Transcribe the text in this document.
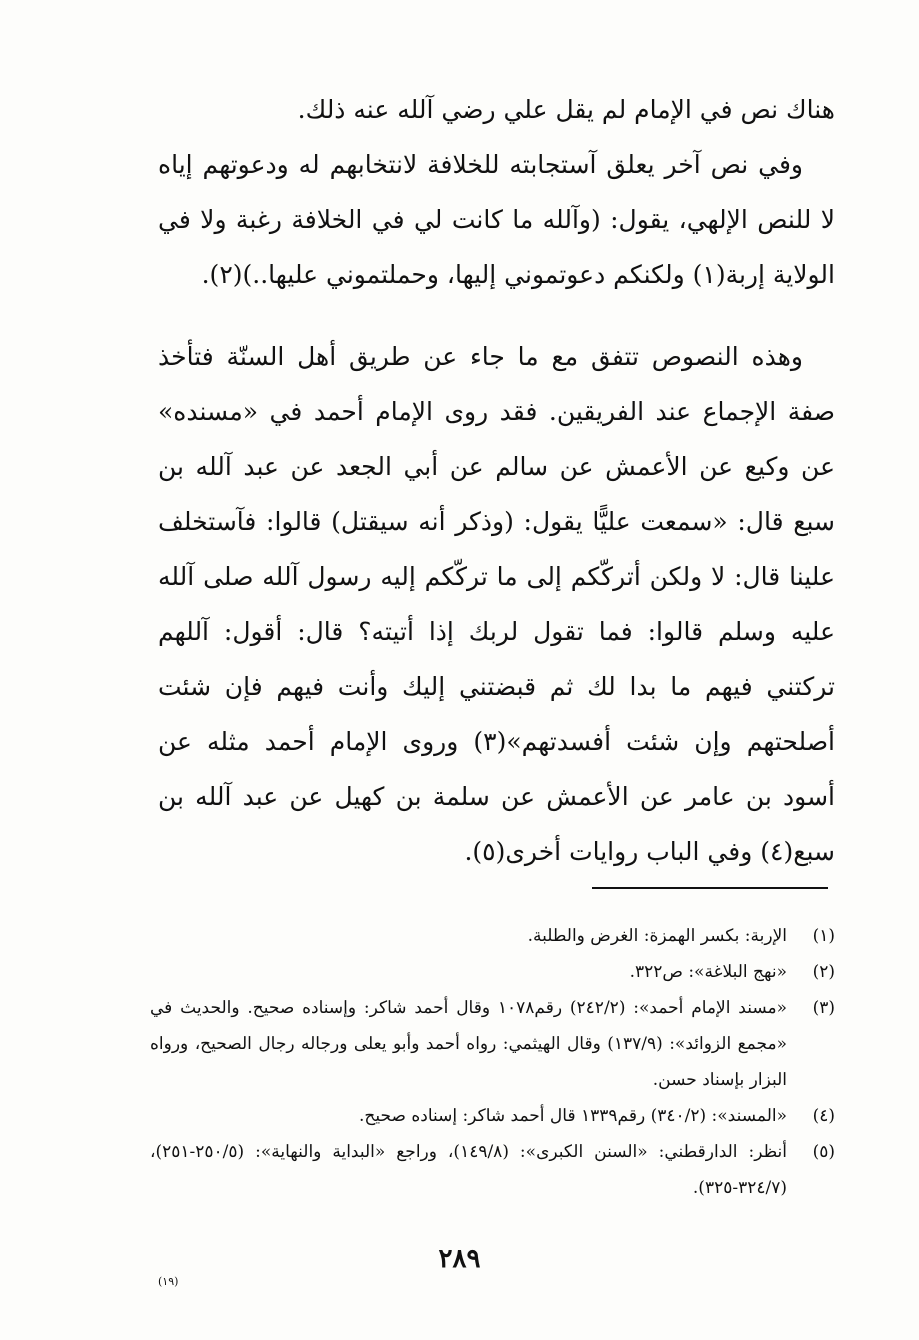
هناك نص في الإمام لم يقل علي رضي آلله عنه ذلك.

وفي نص آخر يعلق آستجابته للخلافة لانتخابهم له ودعوتهم إياه لا للنص الإلهي، يقول: (وآلله ما كانت لي في الخلافة رغبة ولا في الولاية إربة(١) ولكنكم دعوتموني إليها، وحملتموني عليها..)(٢).

وهذه النصوص تتفق مع ما جاء عن طريق أهل السنّة فتأخذ صفة الإجماع عند الفريقين. فقد روى الإمام أحمد في «مسنده» عن وكيع عن الأعمش عن سالم عن أبي الجعد عن عبد آلله بن سبع قال: «سمعت عليًّا يقول: (وذكر أنه سيقتل) قالوا: فآستخلف علينا قال: لا ولكن أتركّكم إلى ما تركّكم إليه رسول آلله صلى آلله عليه وسلم قالوا: فما تقول لربك إذا أتيته؟ قال: أقول: آللهم تركتني فيهم ما بدا لك ثم قبضتني إليك وأنت فيهم فإن شئت أصلحتهم وإن شئت أفسدتهم»(٣) وروى الإمام أحمد مثله عن أسود بن عامر عن الأعمش عن سلمة بن كهيل عن عبد آلله بن سبع(٤) وفي الباب روايات أخرى(٥).

(١)
الإربة: بكسر الهمزة: الغرض والطلبة.
(٢)
«نهج البلاغة»: ص٣٢٢.
(٣)
«مسند الإمام أحمد»: (٢٤٢/٢) رقم١٠٧٨ وقال أحمد شاكر: وإسناده صحيح. والحديث في «مجمع الزوائد»: (١٣٧/٩) وقال الهيثمي: رواه أحمد وأبو يعلى ورجاله رجال الصحيح، ورواه البزار بإسناد حسن.
(٤)
«المسند»: (٣٤٠/٢) رقم١٣٣٩ قال أحمد شاكر: إسناده صحيح.
(٥)
أنظر: الدارقطني: «السنن الكبرى»: (١٤٩/٨)، وراجع «البداية والنهاية»: (٢٥٠/٥-٢٥١)، (٣٢٤/٧-٣٢٥).
٢٨٩
(١٩)
